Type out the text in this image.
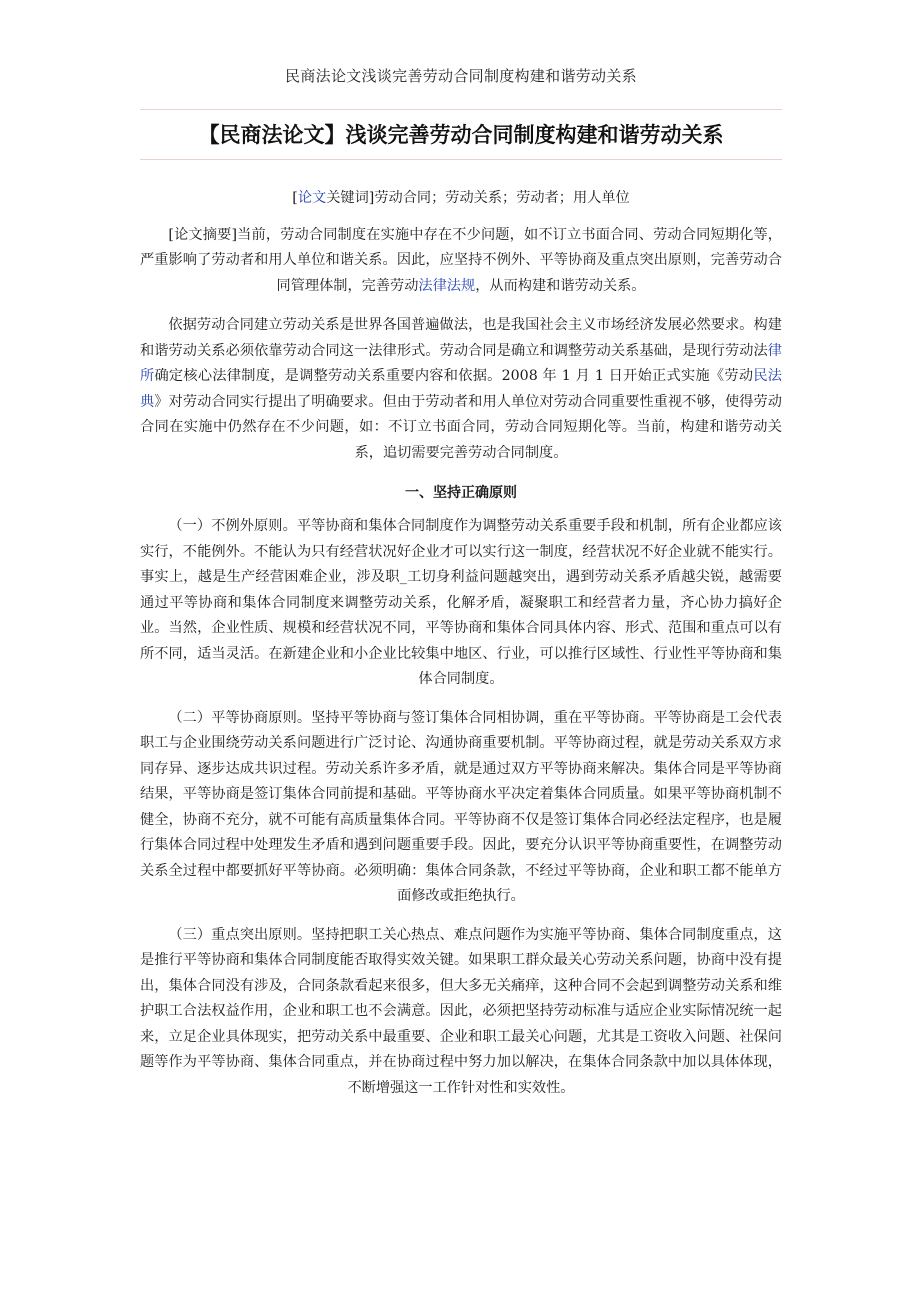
民商法论文浅谈完善劳动合同制度构建和谐劳动关系
【民商法论文】浅谈完善劳动合同制度构建和谐劳动关系

[论文关键词]劳动合同；劳动关系；劳动者；用人单位

[论文摘要]当前，劳动合同制度在实施中存在不少问题，如不订立书面合同、劳动合同短期化等，严重影响了劳动者和用人单位和谐关系。因此，应坚持不例外、平等协商及重点突出原则，完善劳动合同管理体制，完善劳动法律法规，从而构建和谐劳动关系。

依据劳动合同建立劳动关系是世界各国普遍做法，也是我国社会主义市场经济发展必然要求。构建和谐劳动关系必须依靠劳动合同这一法律形式。劳动合同是确立和调整劳动关系基础，是现行劳动法律所确定核心法律制度，是调整劳动关系重要内容和依据。2008 年 1 月 1 日开始正式实施《劳动民法典》对劳动合同实行提出了明确要求。但由于劳动者和用人单位对劳动合同重要性重视不够，使得劳动合同在实施中仍然存在不少问题，如：不订立书面合同，劳动合同短期化等。当前，构建和谐劳动关系，追切需要完善劳动合同制度。

一、坚持正确原则

（一）不例外原则。平等协商和集体合同制度作为调整劳动关系重要手段和机制，所有企业都应该实行，不能例外。不能认为只有经营状况好企业才可以实行这一制度，经营状况不好企业就不能实行。事实上，越是生产经营困难企业，涉及职_工切身利益问题越突出，遇到劳动关系矛盾越尖锐，越需要通过平等协商和集体合同制度来调整劳动关系，化解矛盾，凝聚职工和经营者力量，齐心协力搞好企业。当然，企业性质、规模和经营状况不同，平等协商和集体合同具体内容、形式、范围和重点可以有所不同，适当灵活。在新建企业和小企业比较集中地区、行业，可以推行区域性、行业性平等协商和集体合同制度。

（二）平等协商原则。坚持平等协商与签订集体合同相协调，重在平等协商。平等协商是工会代表职工与企业围绕劳动关系问题进行广泛讨论、沟通协商重要机制。平等协商过程，就是劳动关系双方求同存异、逐步达成共识过程。劳动关系许多矛盾，就是通过双方平等协商来解决。集体合同是平等协商结果，平等协商是签订集体合同前提和基础。平等协商水平决定着集体合同质量。如果平等协商机制不健全，协商不充分，就不可能有高质量集体合同。平等协商不仅是签订集体合同必经法定程序，也是履行集体合同过程中处理发生矛盾和遇到问题重要手段。因此，要充分认识平等协商重要性，在调整劳动关系全过程中都要抓好平等协商。必须明确：集体合同条款，不经过平等协商，企业和职工都不能单方面修改或拒绝执行。

（三）重点突出原则。坚持把职工关心热点、难点问题作为实施平等协商、集体合同制度重点，这是推行平等协商和集体合同制度能否取得实效关键。如果职工群众最关心劳动关系问题，协商中没有提出，集体合同没有涉及，合同条款看起来很多，但大多无关痛痒，这种合同不会起到调整劳动关系和维护职工合法权益作用，企业和职工也不会满意。因此，必须把坚持劳动标准与适应企业实际情况统一起来，立足企业具体现实，把劳动关系中最重要、企业和职工最关心问题，尤其是工资收入问题、社保问题等作为平等协商、集体合同重点，并在协商过程中努力加以解决，在集体合同条款中加以具体体现，不断增强这一工作针对性和实效性。
